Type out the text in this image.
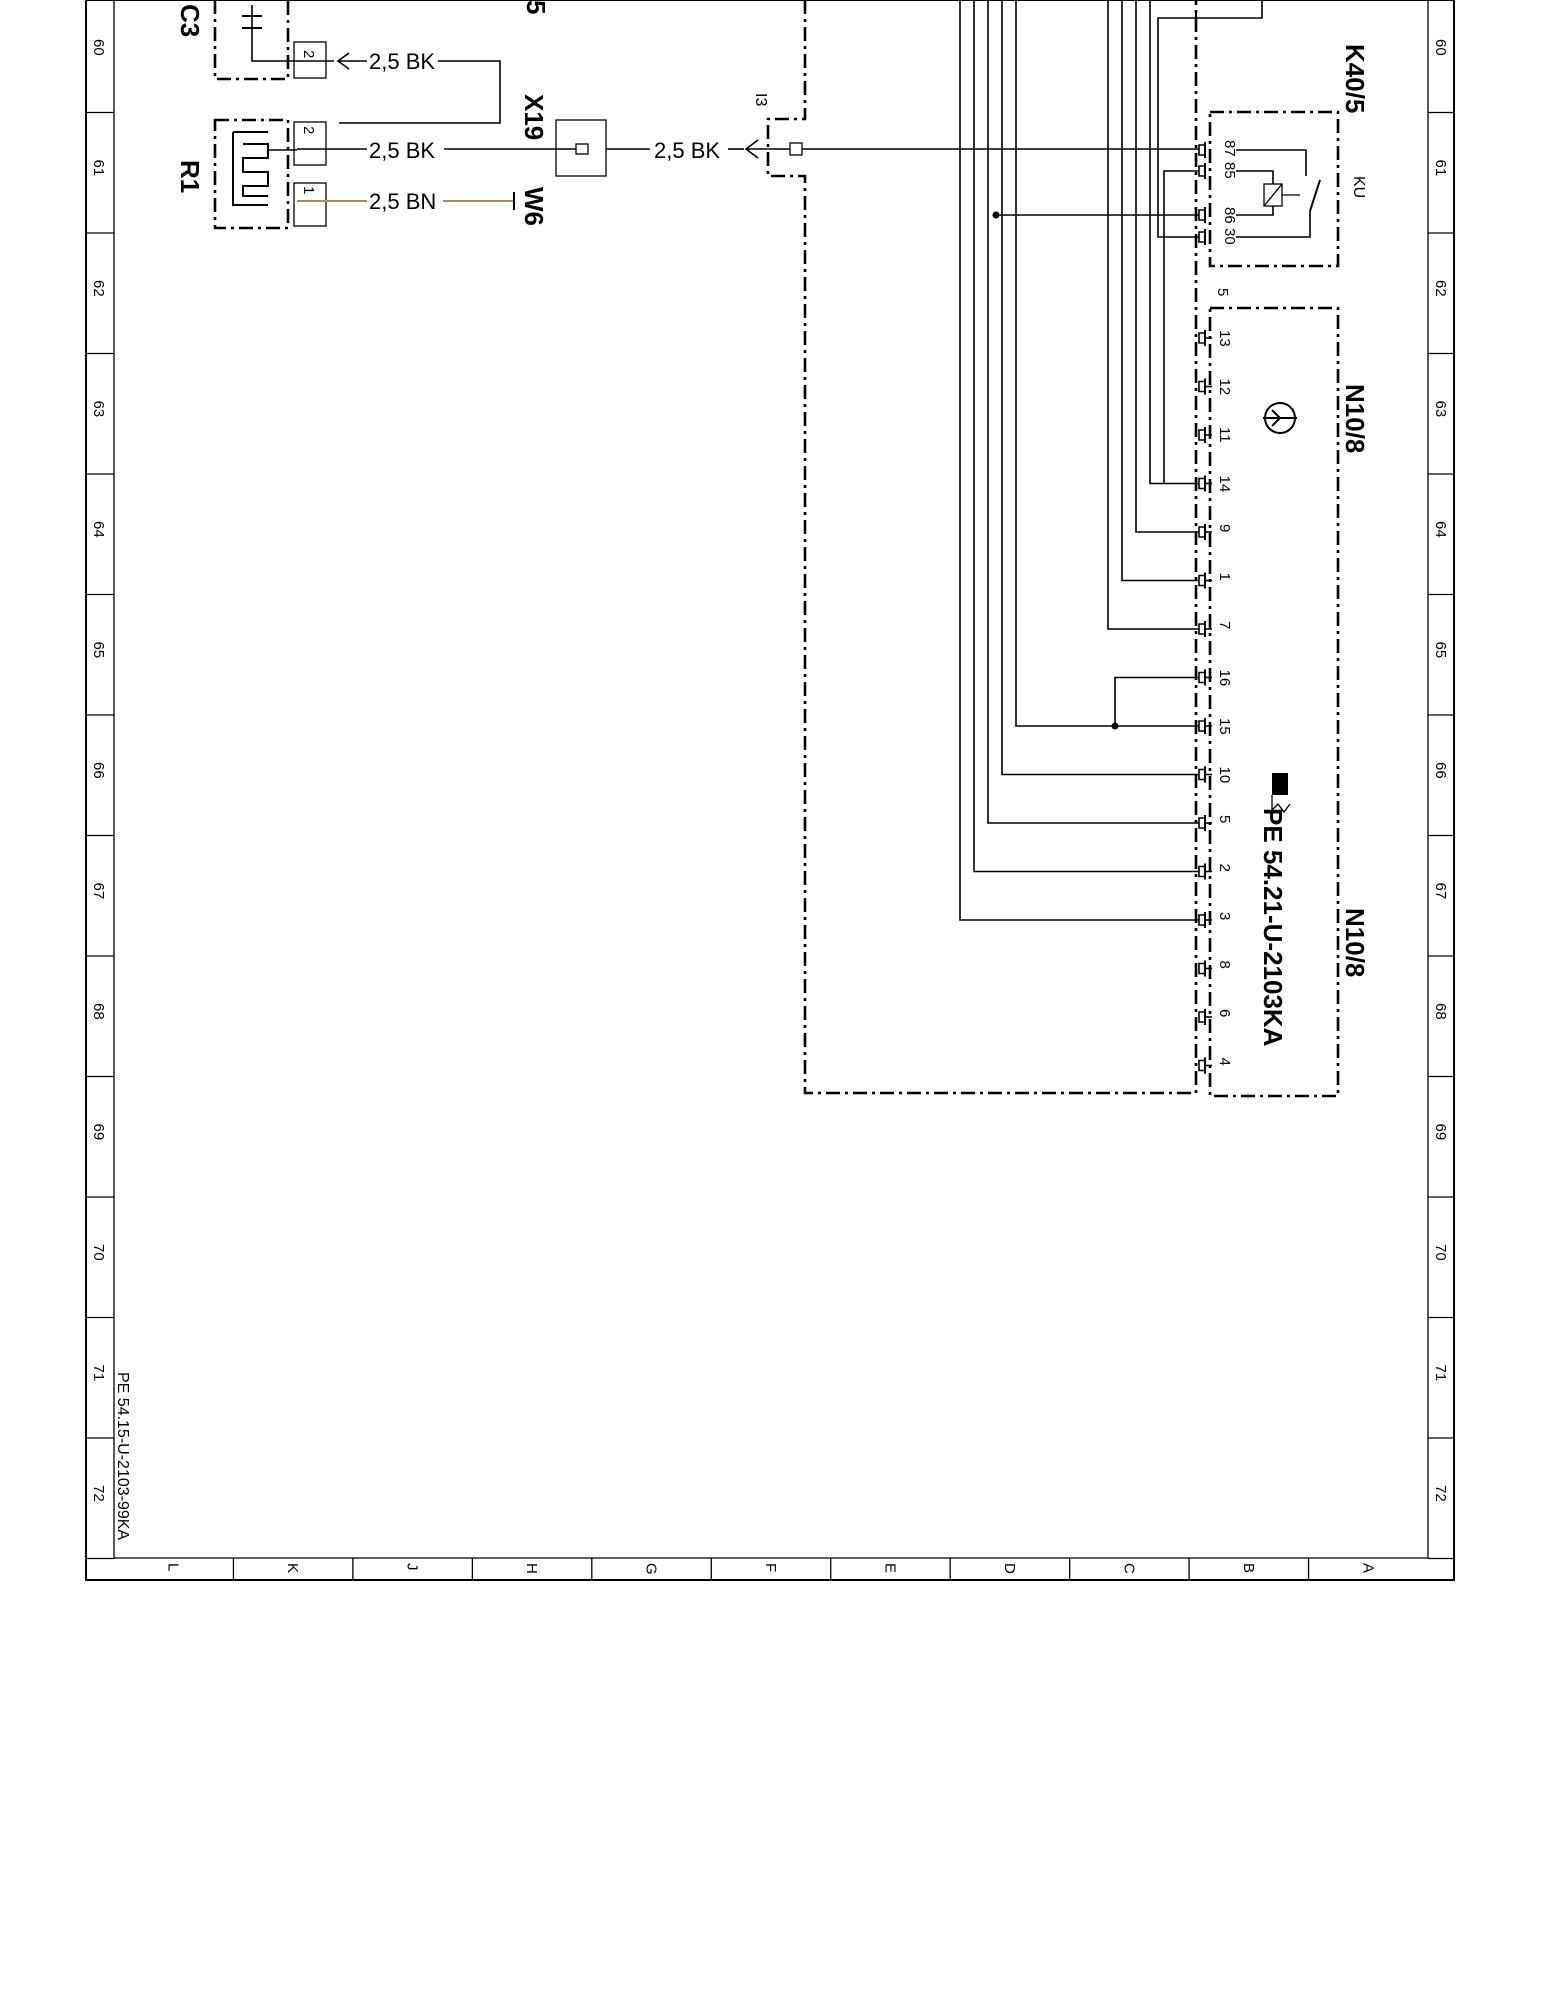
60	60
61	61
62	62
63	63
64	64
65	65
66	66
67	67
68	68
69	69
70	70
71	71
72	72
L	K	J	H	G	F	E	D	C	B	A
2
C3	5
2,5 BK
2
1
R1
2,5 BK
2,5 BN	W6
X19
2,5 BK
I3	K40/5
KU
87
85
86
30
5
N10/8
N10/8
PE 54.21-U-2103KA
13
12
11
14
9
1
7
16
15
10
5
2
3
8
6
4
PE 54.15-U-2103-99KA
